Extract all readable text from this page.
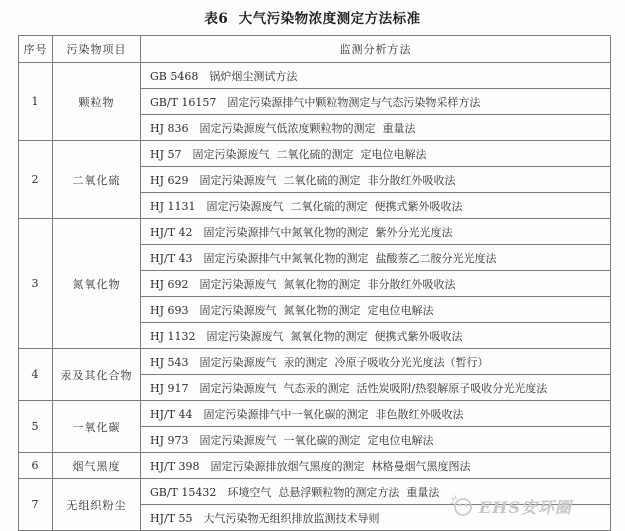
表6  大气污染物浓度测定方法标准
序号	污染物项目	监测分析方法
1	颗粒物	GB 5468 锅炉烟尘测试方法
		GB/T 16157 固定污染源排气中颗粒物测定与气态污染物采样方法
		HJ 836 固定污染源废气低浓度颗粒物的测定  重量法
2	二氧化硫	HJ 57 固定污染源废气  二氧化硫的测定  定电位电解法
		HJ 629 固定污染源废气  二氧化硫的测定  非分散红外吸收法
		HJ 1131 固定污染源废气  二氧化硫的测定  便携式紫外吸收法
3	氮氧化物	HJ/T 42 固定污染源排气中氮氧化物的测定  紫外分光光度法
		HJ/T 43 固定污染源排气中氮氧化物的测定  盐酸萘乙二胺分光光度法
		HJ 692 固定污染源废气  氮氧化物的测定  非分散红外吸收法
		HJ 693 固定污染源废气  氮氧化物的测定  定电位电解法
		HJ 1132 固定污染源废气  氮氧化物的测定  便携式紫外吸收法
4	汞及其化合物	HJ 543 固定污染源废气  汞的测定  冷原子吸收分光光度法（暂行）
		HJ 917 固定污染源废气  气态汞的测定  活性炭吸附/热裂解原子吸收分光光度法
5	一氧化碳	HJ/T 44 固定污染源排气中一氧化碳的测定  非色散红外吸收法
		HJ 973 固定污染源废气  一氧化碳的测定  定电位电解法
6	烟气黑度	HJ/T 398 固定污染源排放烟气黑度的测定  林格曼烟气黑度图法
7	无组织粉尘	GB/T 15432 环境空气  总悬浮颗粒物的测定方法  重量法
		HJ/T 55 大气污染物无组织排放监测技术导则
EHS安环圈
